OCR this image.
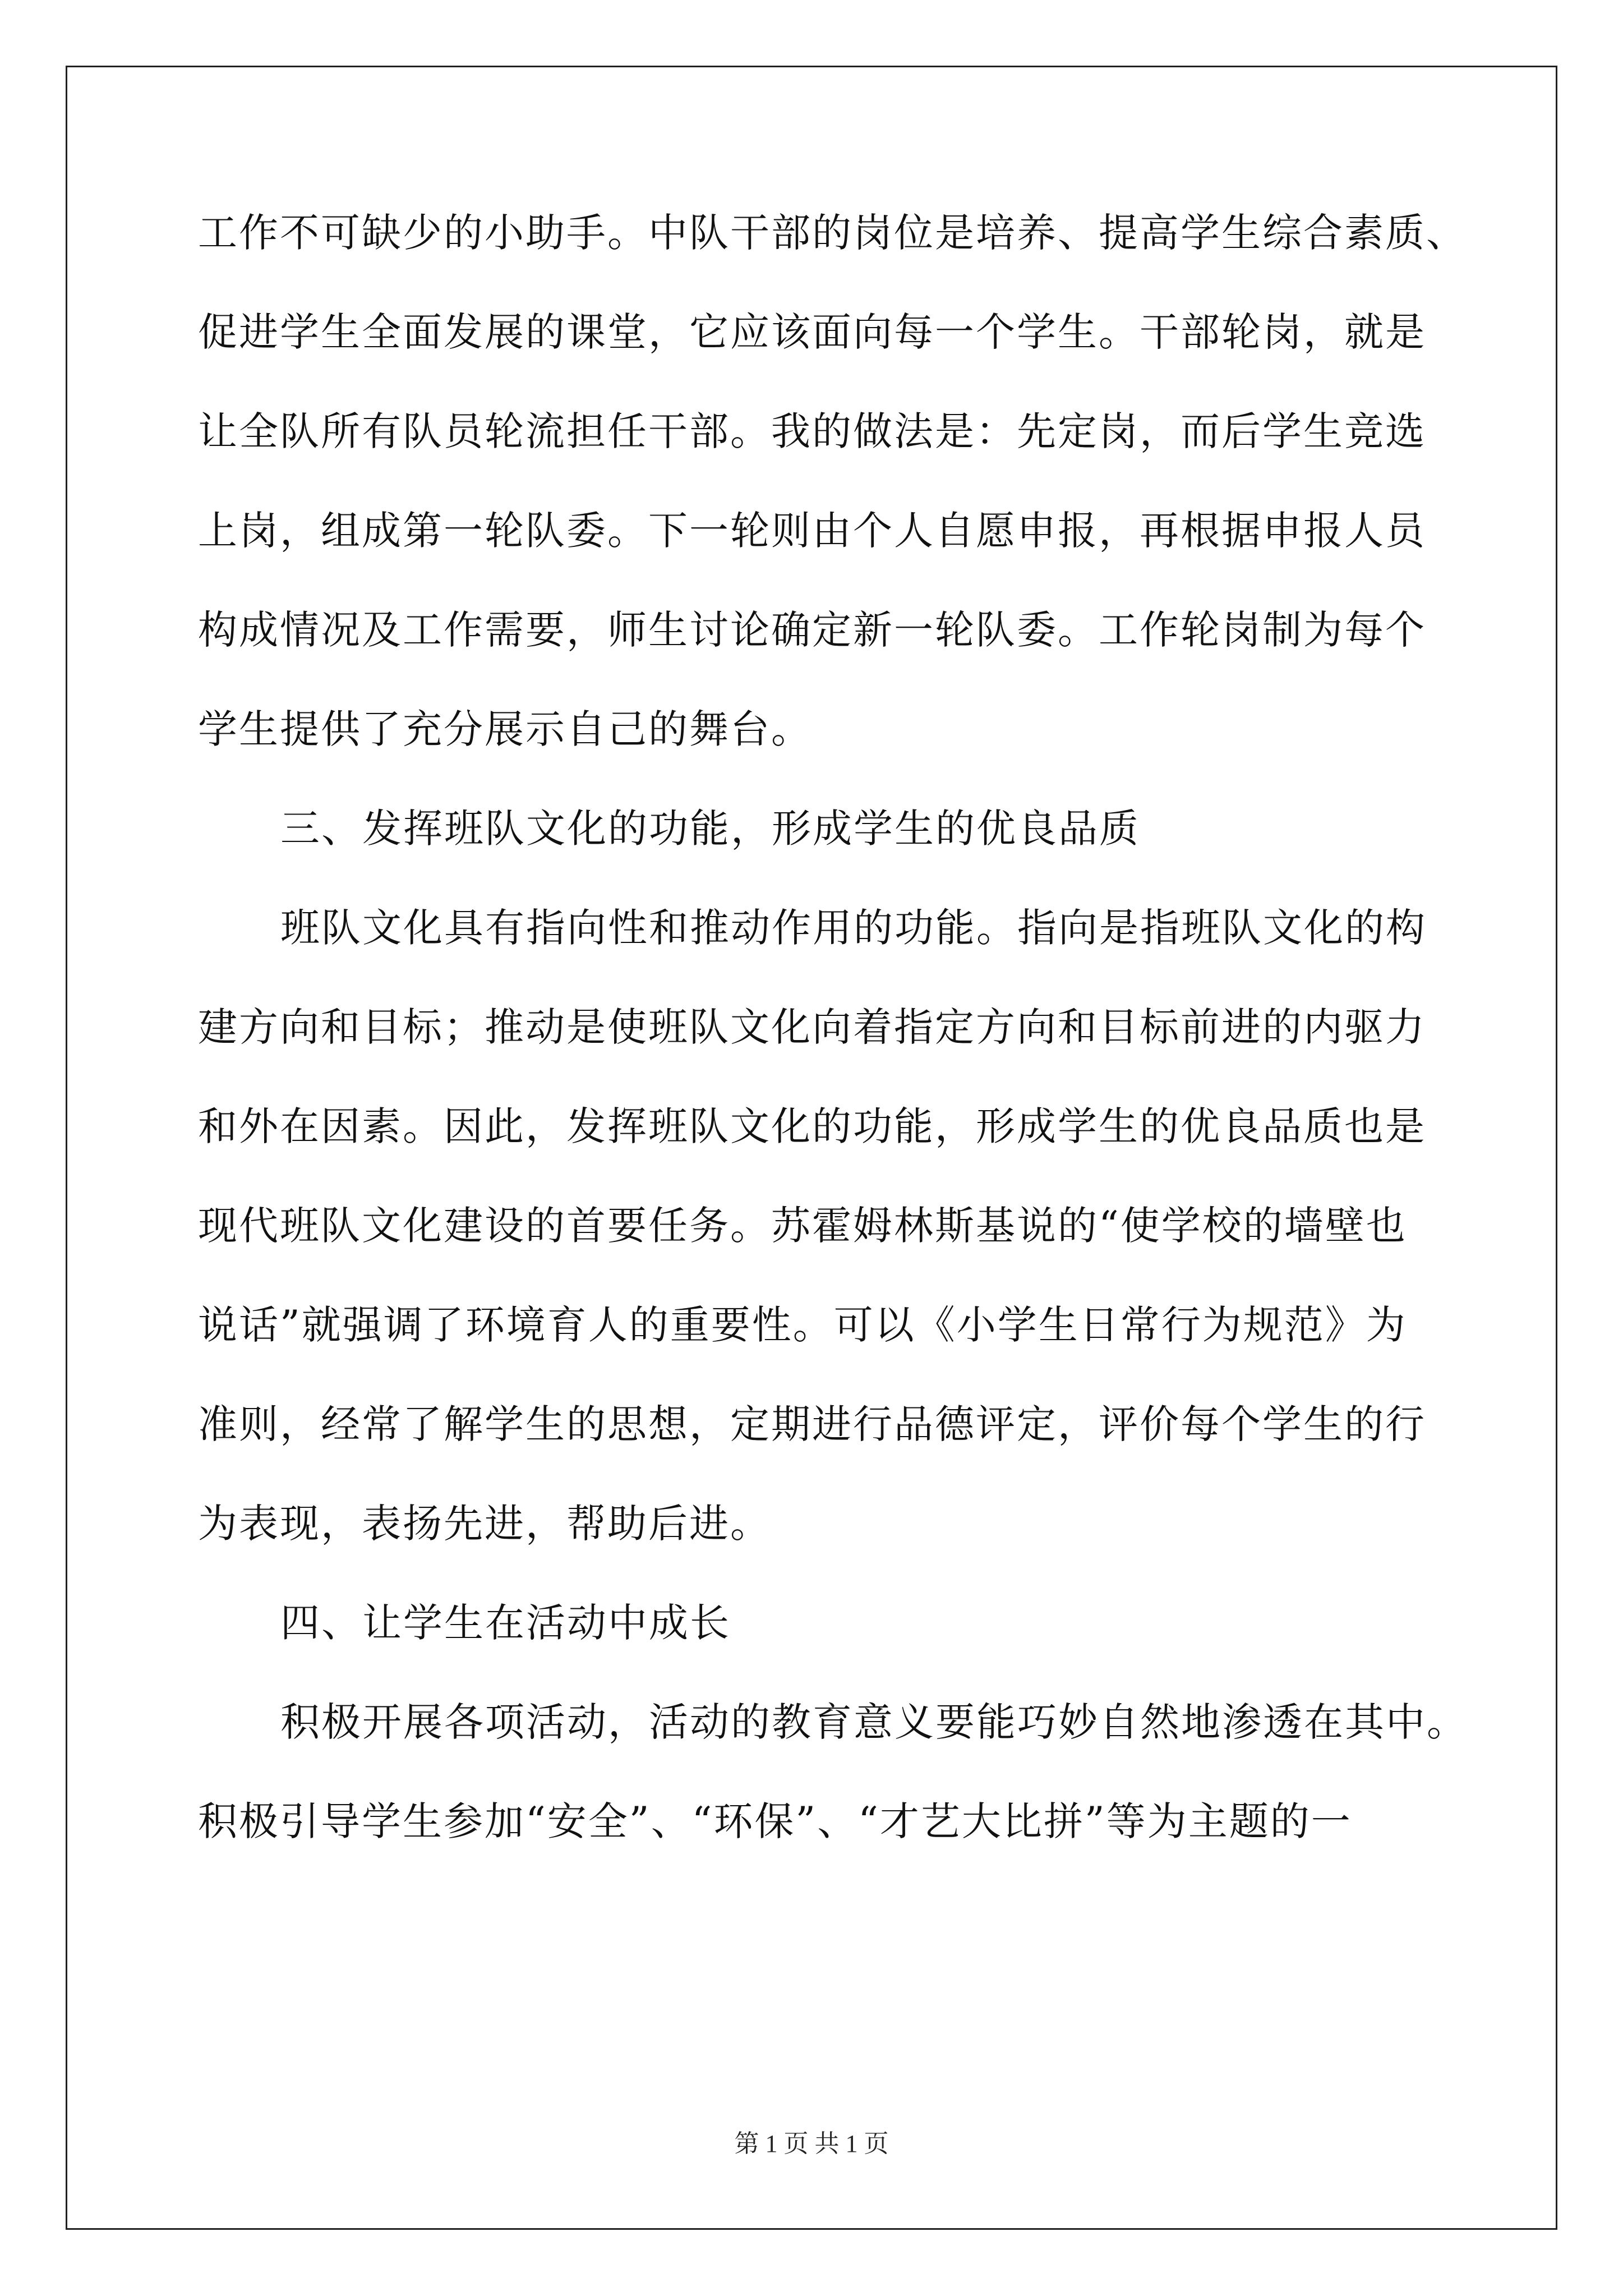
工作不可缺少的小助手。中队干部的岗位是培养、提高学生综合素质、
促进学生全面发展的课堂，它应该面向每一个学生。干部轮岗，就是
让全队所有队员轮流担任干部。我的做法是：先定岗，而后学生竞选
上岗，组成第一轮队委。下一轮则由个人自愿申报，再根据申报人员
构成情况及工作需要，师生讨论确定新一轮队委。工作轮岗制为每个
学生提供了充分展示自己的舞台。
三、发挥班队文化的功能，形成学生的优良品质
班队文化具有指向性和推动作用的功能。指向是指班队文化的构
建方向和目标；推动是使班队文化向着指定方向和目标前进的内驱力
和外在因素。因此，发挥班队文化的功能，形成学生的优良品质也是
现代班队文化建设的首要任务。苏霍姆林斯基说的“使学校的墙壁也
说话”就强调了环境育人的重要性。可以《小学生日常行为规范》为
准则，经常了解学生的思想，定期进行品德评定，评价每个学生的行
为表现，表扬先进，帮助后进。
四、让学生在活动中成长
积极开展各项活动，活动的教育意义要能巧妙自然地渗透在其中。
积极引导学生参加“安全”、“环保”、“才艺大比拼”等为主题的一
第 1 页 共 1 页
